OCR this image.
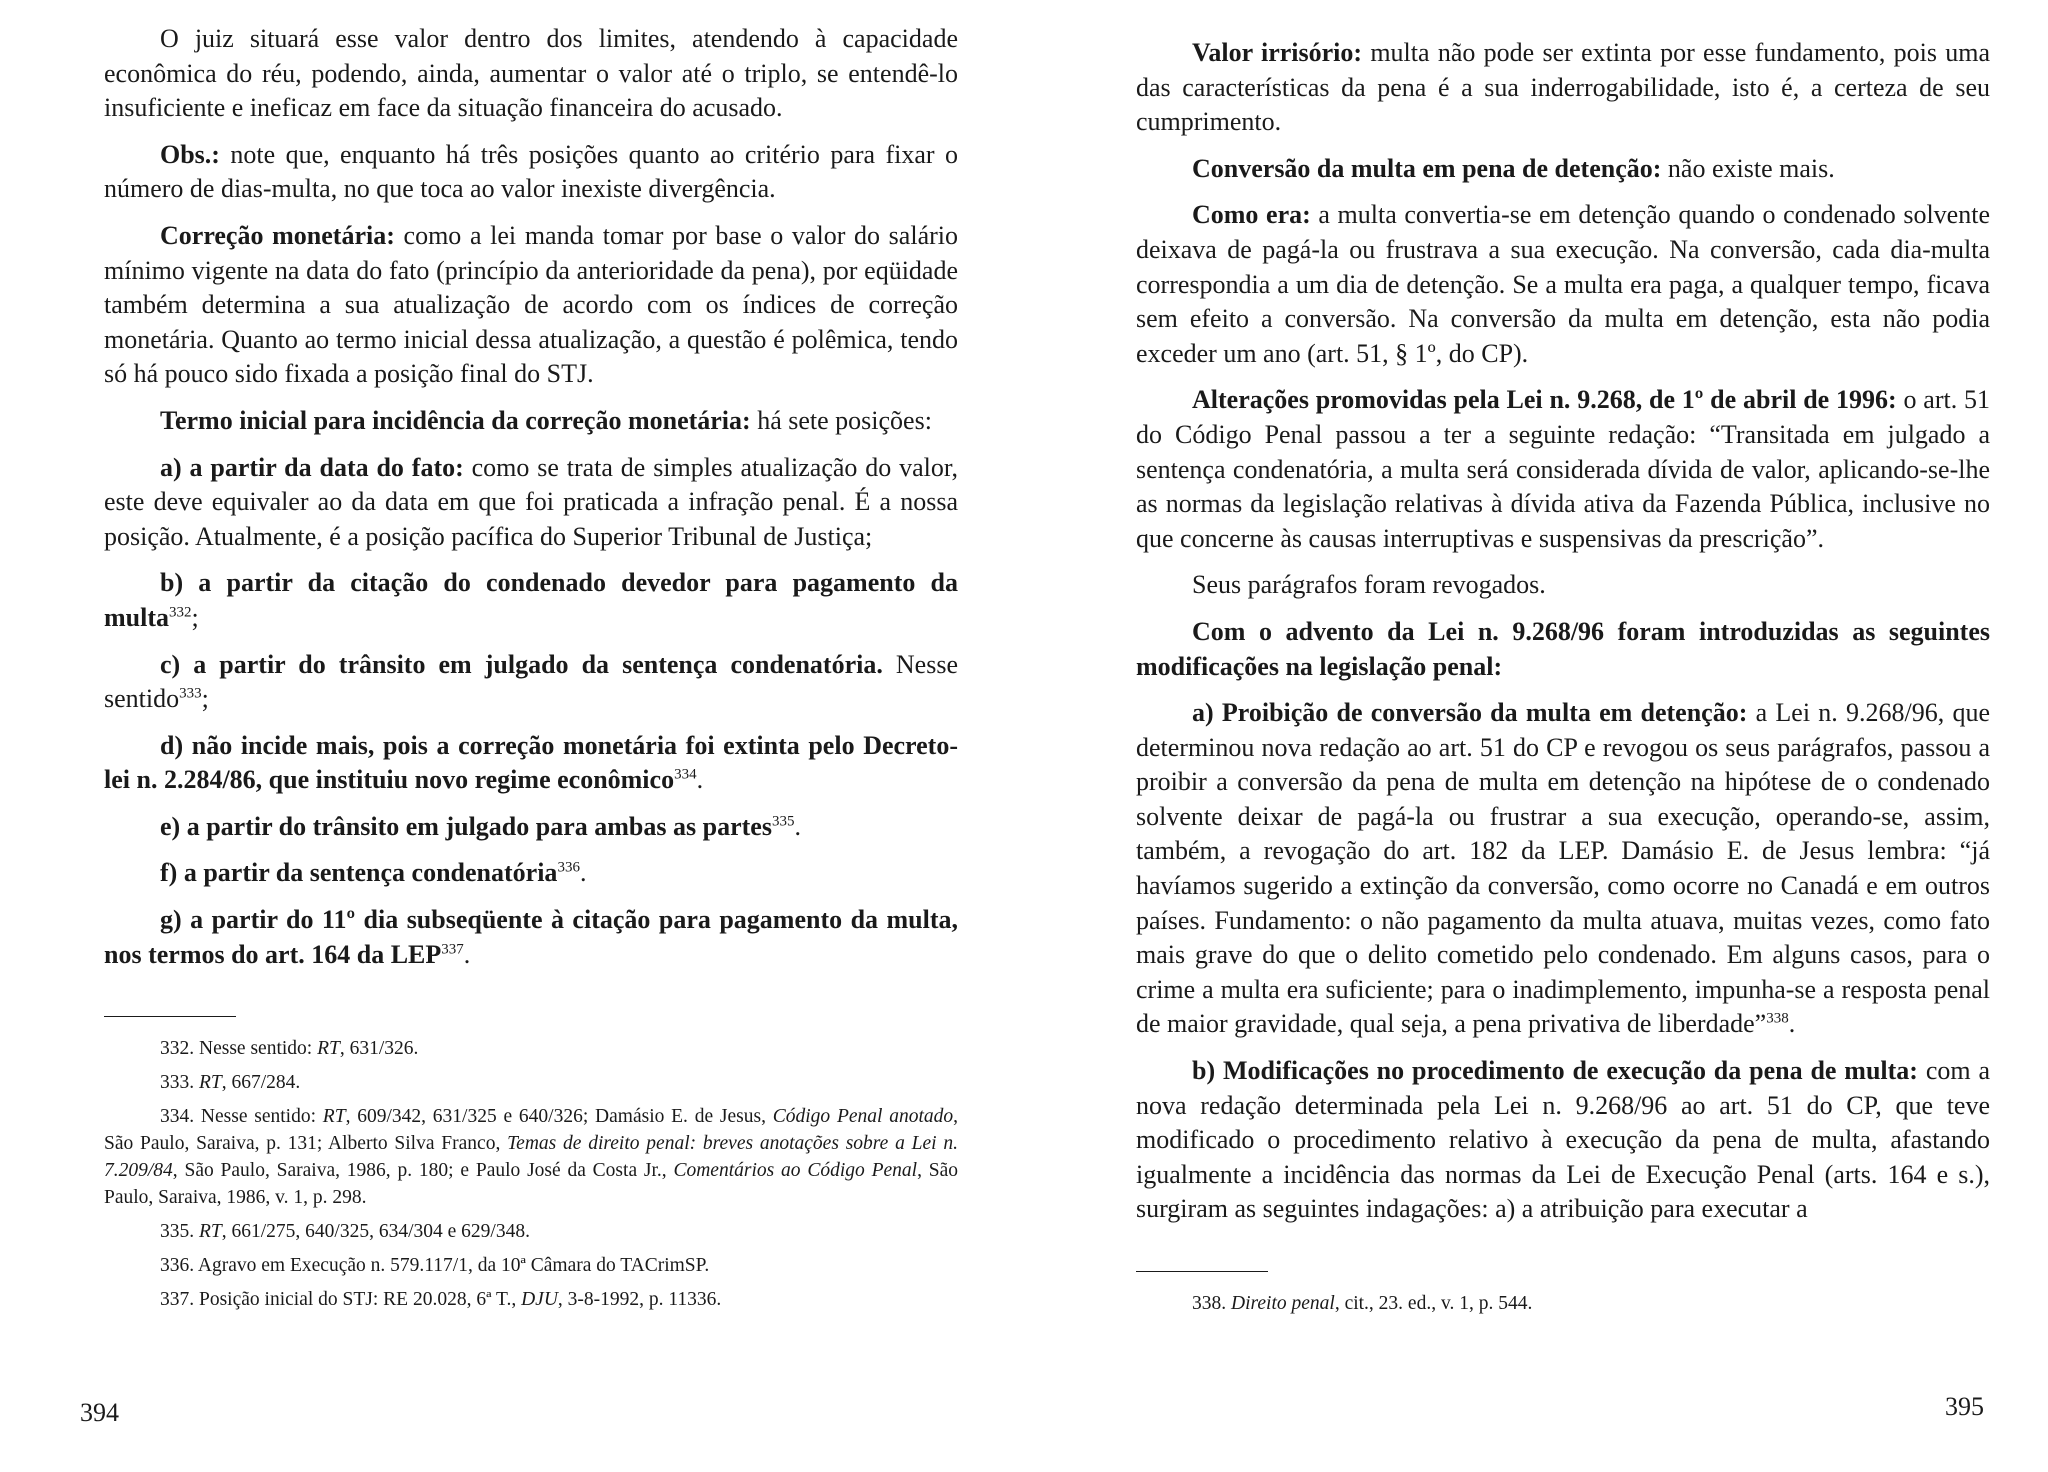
O juiz situará esse valor dentro dos limites, atendendo à capacidade econômica do réu, podendo, ainda, aumentar o valor até o triplo, se entendê-lo insuficiente e ineficaz em face da situação financeira do acusado.

Obs.: note que, enquanto há três posições quanto ao critério para fixar o número de dias-multa, no que toca ao valor inexiste divergência.

Correção monetária: como a lei manda tomar por base o valor do salário mínimo vigente na data do fato (princípio da anterioridade da pena), por eqüidade também determina a sua atualização de acordo com os índices de correção monetária. Quanto ao termo inicial dessa atualização, a questão é polêmica, tendo só há pouco sido fixada a posição final do STJ.

Termo inicial para incidência da correção monetária: há sete posições:

a) a partir da data do fato: como se trata de simples atualização do valor, este deve equivaler ao da data em que foi praticada a infração penal. É a nossa posição. Atualmente, é a posição pacífica do Superior Tribunal de Justiça;

b) a partir da citação do condenado devedor para pagamento da multa$^{332}$;

c) a partir do trânsito em julgado da sentença condenatória. Nesse sentido$^{333}$;

d) não incide mais, pois a correção monetária foi extinta pelo Decreto-lei n. 2.284/86, que instituiu novo regime econômico$^{334}$.

e) a partir do trânsito em julgado para ambas as partes$^{335}$.

f) a partir da sentença condenatória$^{336}$.

g) a partir do 11º dia subseqüente à citação para pagamento da multa, nos termos do art. 164 da LEP$^{337}$.

332. Nesse sentido: RT, 631/326.
333. RT, 667/284.
334. Nesse sentido: RT, 609/342, 631/325 e 640/326; Damásio E. de Jesus, Código Penal anotado, São Paulo, Saraiva, p. 131; Alberto Silva Franco, Temas de direito penal: breves anotações sobre a Lei n. 7.209/84, São Paulo, Saraiva, 1986, p. 180; e Paulo José da Costa Jr., Comentários ao Código Penal, São Paulo, Saraiva, 1986, v. 1, p. 298.
335. RT, 661/275, 640/325, 634/304 e 629/348.
336. Agravo em Execução n. 579.117/1, da 10ª Câmara do TACrimSP.
337. Posição inicial do STJ: RE 20.028, 6ª T., DJU, 3-8-1992, p. 11336.
394

Valor irrisório: multa não pode ser extinta por esse fundamento, pois uma das características da pena é a sua inderrogabilidade, isto é, a certeza de seu cumprimento.

Conversão da multa em pena de detenção: não existe mais.

Como era: a multa convertia-se em detenção quando o condenado solvente deixava de pagá-la ou frustrava a sua execução. Na conversão, cada dia-multa correspondia a um dia de detenção. Se a multa era paga, a qualquer tempo, ficava sem efeito a conversão. Na conversão da multa em detenção, esta não podia exceder um ano (art. 51, § 1º, do CP).

Alterações promovidas pela Lei n. 9.268, de 1º de abril de 1996: o art. 51 do Código Penal passou a ter a seguinte redação: “Transitada em julgado a sentença condenatória, a multa será considerada dívida de valor, aplicando-se-lhe as normas da legislação relativas à dívida ativa da Fazenda Pública, inclusive no que concerne às causas interruptivas e suspensivas da prescrição”.

Seus parágrafos foram revogados.

Com o advento da Lei n. 9.268/96 foram introduzidas as seguintes modificações na legislação penal:

a) Proibição de conversão da multa em detenção: a Lei n. 9.268/96, que determinou nova redação ao art. 51 do CP e revogou os seus parágrafos, passou a proibir a conversão da pena de multa em detenção na hipótese de o condenado solvente deixar de pagá-la ou frustrar a sua execução, operando-se, assim, também, a revogação do art. 182 da LEP. Damásio E. de Jesus lembra: “já havíamos sugerido a extinção da conversão, como ocorre no Canadá e em outros países. Fundamento: o não pagamento da multa atuava, muitas vezes, como fato mais grave do que o delito cometido pelo condenado. Em alguns casos, para o crime a multa era suficiente; para o inadimplemento, impunha-se a resposta penal de maior gravidade, qual seja, a pena privativa de liberdade”$^{338}$.

b) Modificações no procedimento de execução da pena de multa: com a nova redação determinada pela Lei n. 9.268/96 ao art. 51 do CP, que teve modificado o procedimento relativo à execução da pena de multa, afastando igualmente a incidência das normas da Lei de Execução Penal (arts. 164 e s.), surgiram as seguintes indagações: a) a atribuição para executar a

338. Direito penal, cit., 23. ed., v. 1, p. 544.
395
